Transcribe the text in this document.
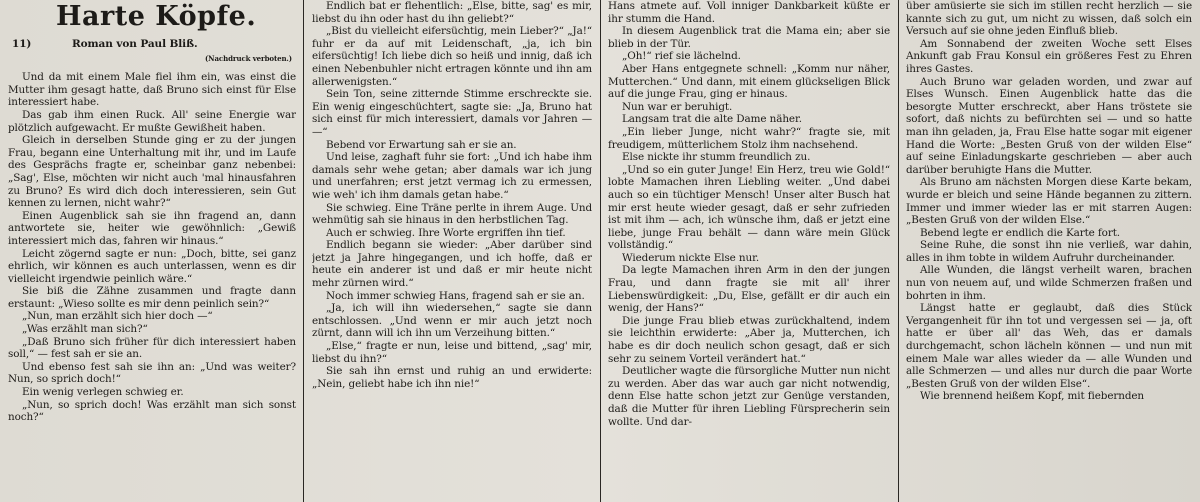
Harte Köpfe.
11)	Roman von Paul Bliß.
(Nachdruck verboten.)

Und da mit einem Male fiel ihm ein, was einst die Mutter ihm gesagt hatte, daß Bruno sich einst für Else interessiert habe.

Das gab ihm einen Ruck. All' seine Energie war plötzlich aufgewacht. Er mußte Gewißheit haben.

Gleich in derselben Stunde ging er zu der jungen Frau, begann eine Unterhaltung mit ihr, und im Laufe des Gesprächs fragte er, scheinbar ganz nebenbei: „Sag', Else, möchten wir nicht auch 'mal hinausfahren zu Bruno? Es wird dich doch interessieren, sein Gut kennen zu lernen, nicht wahr?“

Einen Augenblick sah sie ihn fragend an, dann antwortete sie, heiter wie gewöhnlich: „Gewiß interessiert mich das, fahren wir hinaus.“

Leicht zögernd sagte er nun: „Doch, bitte, sei ganz ehrlich, wir können es auch unterlassen, wenn es dir vielleicht irgendwie peinlich wäre.“

Sie biß die Zähne zusammen und fragte dann erstaunt: „Wieso sollte es mir denn peinlich sein?“

„Nun, man erzählt sich hier doch —“

„Was erzählt man sich?“

„Daß Bruno sich früher für dich interessiert haben soll,“ — fest sah er sie an.

Und ebenso fest sah sie ihn an: „Und was weiter? Nun, so sprich doch!“

Ein wenig verlegen schwieg er.

„Nun, so sprich doch! Was erzählt man sich sonst noch?“

Endlich bat er flehentlich: „Else, bitte, sag' es mir, liebst du ihn oder hast du ihn geliebt?“

„Bist du vielleicht eifersüchtig, mein Lieber?“ „Ja!“ fuhr er da auf mit Leidenschaft, „ja, ich bin eifersüchtig! Ich liebe dich so heiß und innig, daß ich einen Nebenbuhler nicht ertragen könnte und ihn am allerwenigsten.“

Sein Ton, seine zitternde Stimme erschreckte sie. Ein wenig eingeschüchtert, sagte sie: „Ja, Bruno hat sich einst für mich interessiert, damals vor Jahren — —“

Bebend vor Erwartung sah er sie an.

Und leise, zaghaft fuhr sie fort: „Und ich habe ihm damals sehr wehe getan; aber damals war ich jung und unerfahren; erst jetzt vermag ich zu ermessen, wie weh' ich ihm damals getan habe.“

Sie schwieg. Eine Träne perlte in ihrem Auge. Und wehmütig sah sie hinaus in den herbstlichen Tag.

Auch er schwieg. Ihre Worte ergriffen ihn tief.

Endlich begann sie wieder: „Aber darüber sind jetzt ja Jahre hingegangen, und ich hoffe, daß er heute ein anderer ist und daß er mir heute nicht mehr zürnen wird.“

Noch immer schwieg Hans, fragend sah er sie an.

„Ja, ich will ihn wiedersehen,“ sagte sie dann entschlossen. „Und wenn er mir auch jetzt noch zürnt, dann will ich ihn um Verzeihung bitten.“

„Else,“ fragte er nun, leise und bittend, „sag' mir, liebst du ihn?“

Sie sah ihn ernst und ruhig an und erwiderte: „Nein, geliebt habe ich ihn nie!“

Hans atmete auf. Voll inniger Dankbarkeit küßte er ihr stumm die Hand.

In diesem Augenblick trat die Mama ein; aber sie blieb in der Tür.

„Oh!“ rief sie lächelnd.

Aber Hans entgegnete schnell: „Komm nur näher, Mutterchen.“ Und dann, mit einem glückseligen Blick auf die junge Frau, ging er hinaus.

Nun war er beruhigt.

Langsam trat die alte Dame näher.

„Ein lieber Junge, nicht wahr?“ fragte sie, mit freudigem, mütterlichem Stolz ihm nachsehend.

Else nickte ihr stumm freundlich zu.

„Und so ein guter Junge! Ein Herz, treu wie Gold!“ lobte Mamachen ihren Liebling weiter. „Und dabei auch so ein tüchtiger Mensch! Unser alter Busch hat mir erst heute wieder gesagt, daß er sehr zufrieden ist mit ihm — ach, ich wünsche ihm, daß er jetzt eine liebe, junge Frau behält — dann wäre mein Glück vollständig.“

Wiederum nickte Else nur.

Da legte Mamachen ihren Arm in den der jungen Frau, und dann fragte sie mit all' ihrer Liebenswürdigkeit: „Du, Else, gefällt er dir auch ein wenig, der Hans?“

Die junge Frau blieb etwas zurückhaltend, indem sie leichthin erwiderte: „Aber ja, Mutterchen, ich habe es dir doch neulich schon gesagt, daß er sich sehr zu seinem Vorteil verändert hat.“

Deutlicher wagte die fürsorgliche Mutter nun nicht zu werden. Aber das war auch gar nicht notwendig, denn Else hatte schon jetzt zur Genüge verstanden, daß die Mutter für ihren Liebling Fürsprecherin sein wollte. Und dar-

über amüsierte sie sich im stillen recht herzlich — sie kannte sich zu gut, um nicht zu wissen, daß solch ein Versuch auf sie ohne jeden Einfluß blieb.

Am Sonnabend der zweiten Woche sett Elses Ankunft gab Frau Konsul ein größeres Fest zu Ehren ihres Gastes.

Auch Bruno war geladen worden, und zwar auf Elses Wunsch. Einen Augenblick hatte das die besorgte Mutter erschreckt, aber Hans tröstete sie sofort, daß nichts zu befürchten sei — und so hatte man ihn geladen, ja, Frau Else hatte sogar mit eigener Hand die Worte: „Besten Gruß von der wilden Else“ auf seine Einladungskarte geschrieben — aber auch darüber beruhigte Hans die Mutter.

Als Bruno am nächsten Morgen diese Karte bekam, wurde er bleich und seine Hände begannen zu zittern. Immer und immer wieder las er mit starren Augen: „Besten Gruß von der wilden Else.“

Bebend legte er endlich die Karte fort.

Seine Ruhe, die sonst ihn nie verließ, war dahin, alles in ihm tobte in wildem Aufruhr durcheinander.

Alle Wunden, die längst verheilt waren, brachen nun von neuem auf, und wilde Schmerzen fraßen und bohrten in ihm.

Längst hatte er geglaubt, daß dies Stück Vergangenheit für ihn tot und vergessen sei — ja, oft hatte er über all' das Weh, das er damals durchgemacht, schon lächeln können — und nun mit einem Male war alles wieder da — alle Wunden und alle Schmerzen — und alles nur durch die paar Worte „Besten Gruß von der wilden Else“.

Wie brennend heißem Kopf, mit fiebernden
